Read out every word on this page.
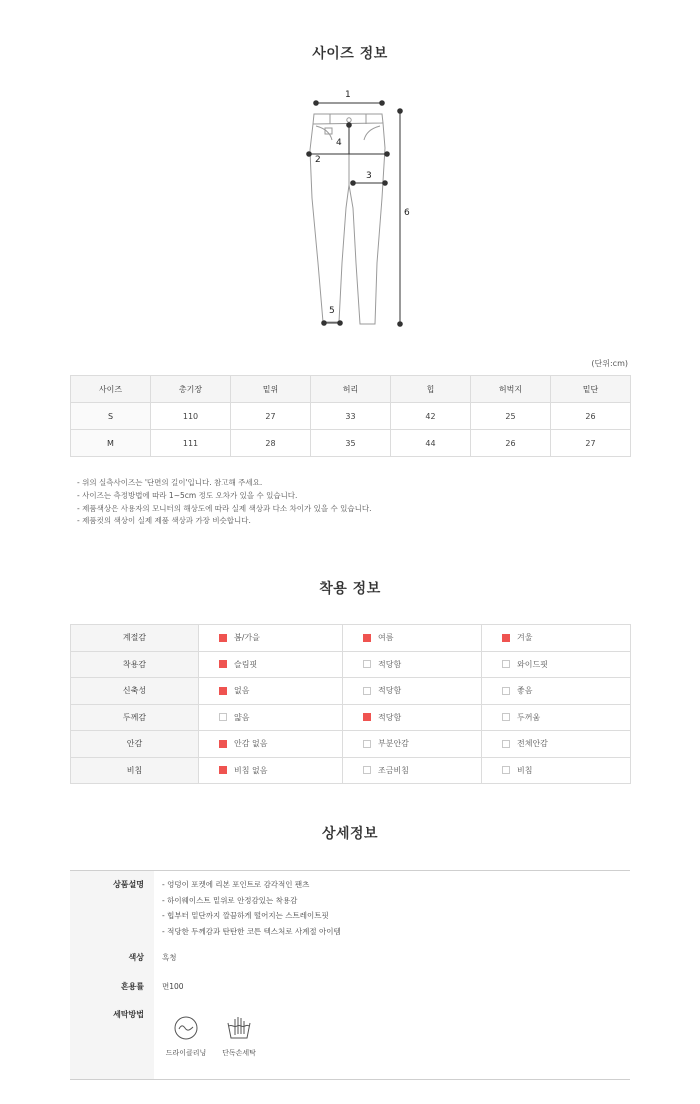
사이즈 정보
1
2
3
4
5
6
(단위:cm)
사이즈	총기장	밑위	허리	힙	허벅지	밑단
S	110	27	33	42	25	26
M	111	28	35	44	26	27
- 위의 실측사이즈는 '단면의 길이'입니다. 참고해 주세요.
- 사이즈는 측정방법에 따라 1~5cm 정도 오차가 있을 수 있습니다.
- 제품색상은 사용자의 모니터의 해상도에 따라 실제 색상과 다소 차이가 있을 수 있습니다.
- 제품컷의 색상이 실제 제품 색상과 가장 비슷합니다.
착용 정보
계절감	봄/가을	여름	겨울

착용감	슬림핏	적당함	와이드핏

신축성	없음	적당함	좋음

두께감	얇음	적당함	두꺼움

안감	안감 없음	부분안감	전체안감

비침	비침 없음	조금비침	비침
상세정보
상품설명 - 엉덩이 포켓에 리본 포인트로 감각적인 팬츠
- 하이웨이스트 밑위로 안정감있는 착용감
- 힙부터 밑단까지 깔끔하게 떨어지는 스트레이트핏
- 적당한 두께감과 탄탄한 코튼 텍스처로 사계절 아이템
색상 흑청
혼용률 면100
세탁방법
드라이클리닝	단독손세탁
